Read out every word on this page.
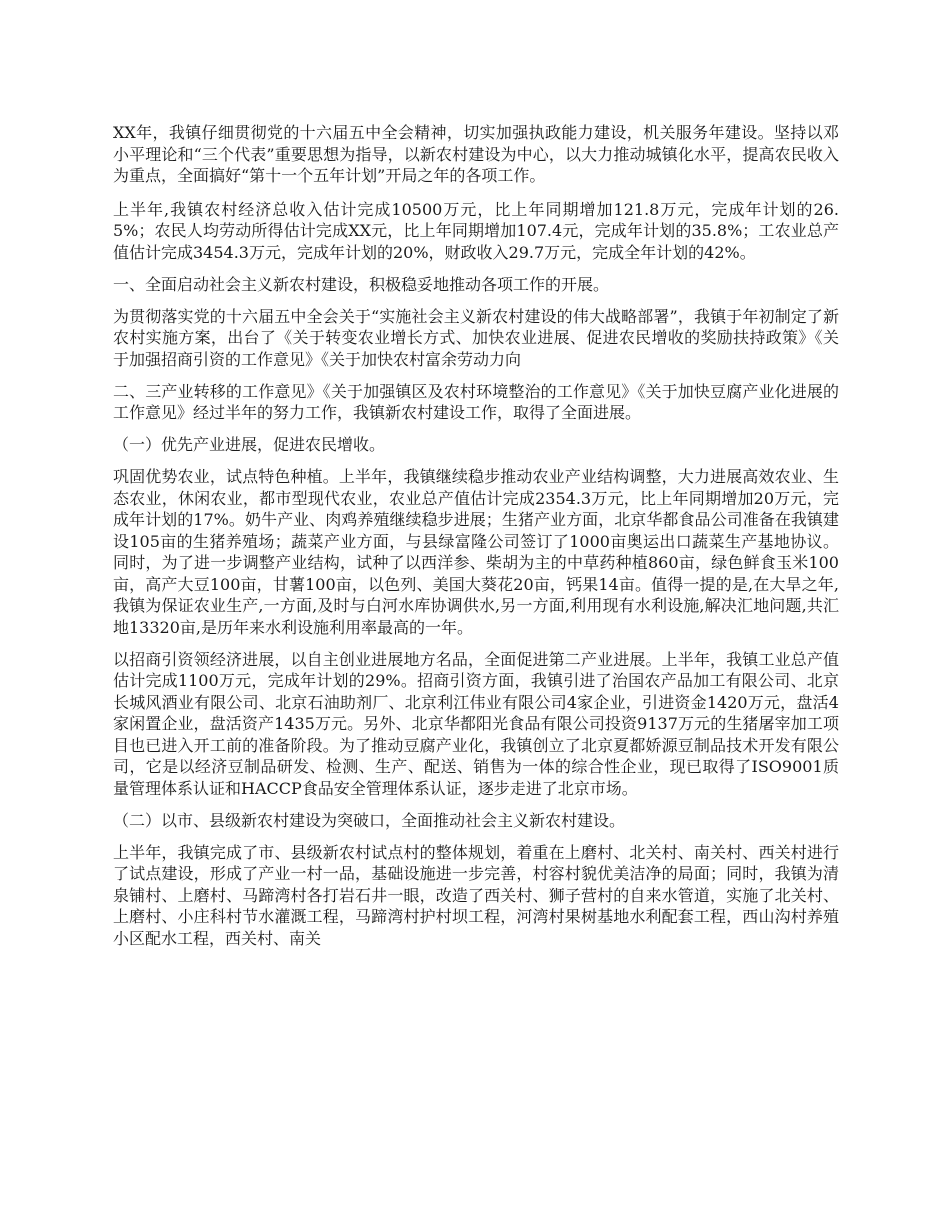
XX年，我镇仔细贯彻党的十六届五中全会精神，切实加强执政能力建设，机关服务年建设。坚持以邓小平理论和“三个代表”重要思想为指导，以新农村建设为中心，以大力推动城镇化水平，提高农民收入为重点，全面搞好“第十一个五年计划”开局之年的各项工作。

上半年,我镇农村经济总收入估计完成10500万元，比上年同期增加121.8万元，完成年计划的26.5%；农民人均劳动所得估计完成XX元，比上年同期增加107.4元，完成年计划的35.8%；工农业总产值估计完成3454.3万元，完成年计划的20%，财政收入29.7万元，完成全年计划的42%。

一、全面启动社会主义新农村建设，积极稳妥地推动各项工作的开展。

为贯彻落实党的十六届五中全会关于“实施社会主义新农村建设的伟大战略部署”，我镇于年初制定了新农村实施方案，出台了《关于转变农业增长方式、加快农业进展、促进农民增收的奖励扶持政策》《关于加强招商引资的工作意见》《关于加快农村富余劳动力向

二、三产业转移的工作意见》《关于加强镇区及农村环境整治的工作意见》《关于加快豆腐产业化进展的工作意见》经过半年的努力工作，我镇新农村建设工作，取得了全面进展。

（一）优先产业进展，促进农民增收。

巩固优势农业，试点特色种植。上半年，我镇继续稳步推动农业产业结构调整，大力进展高效农业、生态农业，休闲农业，都市型现代农业，农业总产值估计完成2354.3万元，比上年同期增加20万元，完成年计划的17%。奶牛产业、肉鸡养殖继续稳步进展；生猪产业方面，北京华都食品公司准备在我镇建设105亩的生猪养殖场；蔬菜产业方面，与县绿富隆公司签订了1000亩奥运出口蔬菜生产基地协议。同时，为了进一步调整产业结构，试种了以西洋参、柴胡为主的中草药种植860亩，绿色鲜食玉米100亩，高产大豆100亩，甘薯100亩，以色列、美国大葵花20亩，钙果14亩。值得一提的是,在大旱之年,我镇为保证农业生产,一方面,及时与白河水库协调供水,另一方面,利用现有水利设施,解决汇地问题,共汇地13320亩,是历年来水利设施利用率最高的一年。

以招商引资领经济进展，以自主创业进展地方名品，全面促进第二产业进展。上半年，我镇工业总产值估计完成1100万元，完成年计划的29%。招商引资方面，我镇引进了治国农产品加工有限公司、北京长城风酒业有限公司、北京石油助剂厂、北京利江伟业有限公司4家企业，引进资金1420万元，盘活4家闲置企业，盘活资产1435万元。另外、北京华都阳光食品有限公司投资9137万元的生猪屠宰加工项目也已进入开工前的准备阶段。为了推动豆腐产业化，我镇创立了北京夏都娇源豆制品技术开发有限公司，它是以经济豆制品研发、检测、生产、配送、销售为一体的综合性企业，现已取得了ISO9001质量管理体系认证和HACCP食品安全管理体系认证，逐步走进了北京市场。

（二）以市、县级新农村建设为突破口，全面推动社会主义新农村建设。

上半年，我镇完成了市、县级新农村试点村的整体规划，着重在上磨村、北关村、南关村、西关村进行了试点建设，形成了产业一村一品，基础设施进一步完善，村容村貌优美洁净的局面；同时，我镇为清泉铺村、上磨村、马蹄湾村各打岩石井一眼，改造了西关村、狮子营村的自来水管道，实施了北关村、上磨村、小庄科村节水灌溉工程，马蹄湾村护村坝工程，河湾村果树基地水利配套工程，西山沟村养殖小区配水工程，西关村、南关
